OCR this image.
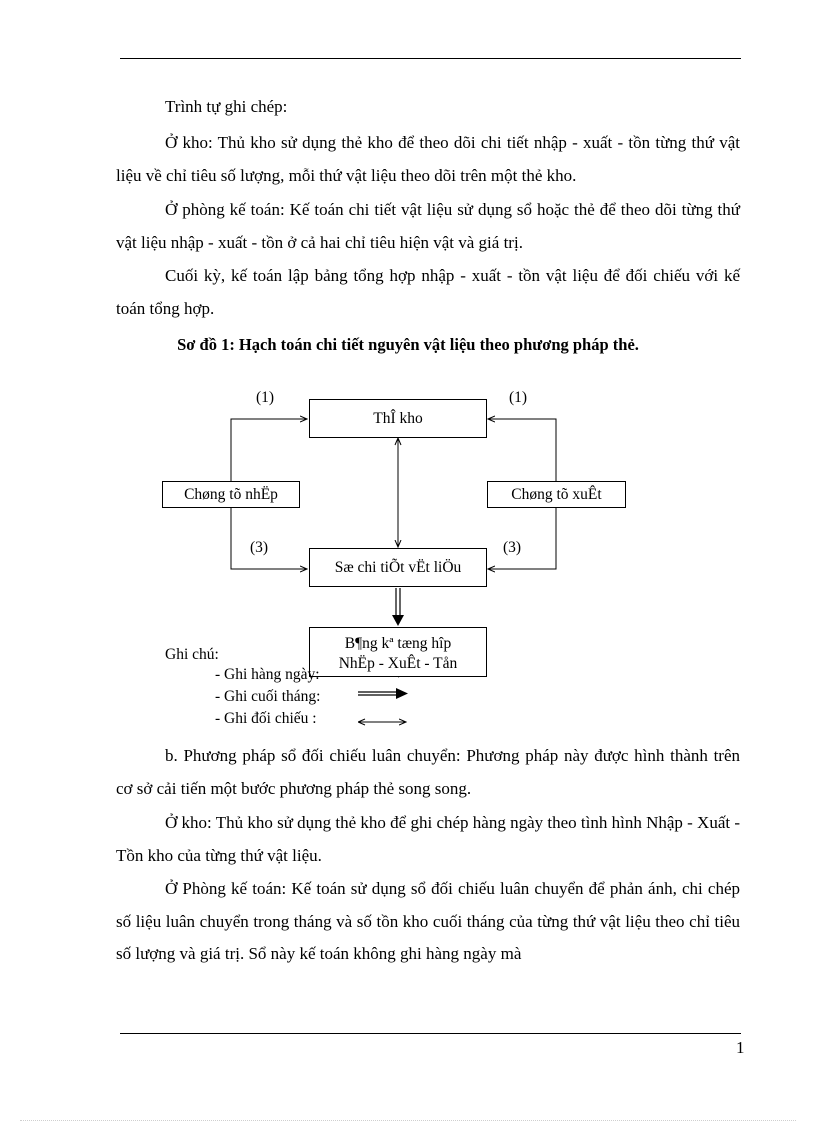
Trình tự ghi chép:

Ở kho: Thủ kho sử dụng thẻ kho để theo dõi chi tiết nhập - xuất - tồn từng thứ vật liệu về chỉ tiêu số lượng, mỗi thứ vật liệu theo dõi trên một thẻ kho.

Ở phòng kế toán: Kế toán chi tiết vật liệu sử dụng sổ hoặc thẻ để theo dõi từng thứ vật liệu nhập - xuất - tồn ở cả hai chỉ tiêu hiện vật và giá trị.

Cuối kỳ, kế toán lập bảng tổng hợp nhập - xuất - tồn vật liệu để đối chiếu với kế toán tổng hợp.

Sơ đồ 1: Hạch toán chi tiết nguyên vật liệu theo phương pháp thẻ.

ThÎ kho
Chøng tõ nhËp	Chøng tõ xuÊt
Sæ chi tiÕt vËt liÖu
B¶ng kª tæng hîp
NhËp - XuÊt - Tån
(1)	(1)
(3)	(3)
Ghi chú:
- Ghi hàng ngày:
- Ghi cuối tháng:
- Ghi đối chiếu :

b. Phương pháp sổ đối chiếu luân chuyển: Phương pháp này được hình thành trên cơ sở cải tiến một bước phương pháp thẻ song song.

Ở kho: Thủ kho sử dụng thẻ kho để ghi chép hàng ngày theo tình hình Nhập - Xuất - Tồn kho của từng thứ vật liệu.

Ở Phòng kế toán: Kế toán sử dụng sổ đối chiếu luân chuyển để phản ánh, chi chép số liệu luân chuyển trong tháng và số tồn kho cuối tháng của từng thứ vật liệu theo chỉ tiêu số lượng và giá trị. Sổ này kế toán không ghi hàng ngày mà

1
